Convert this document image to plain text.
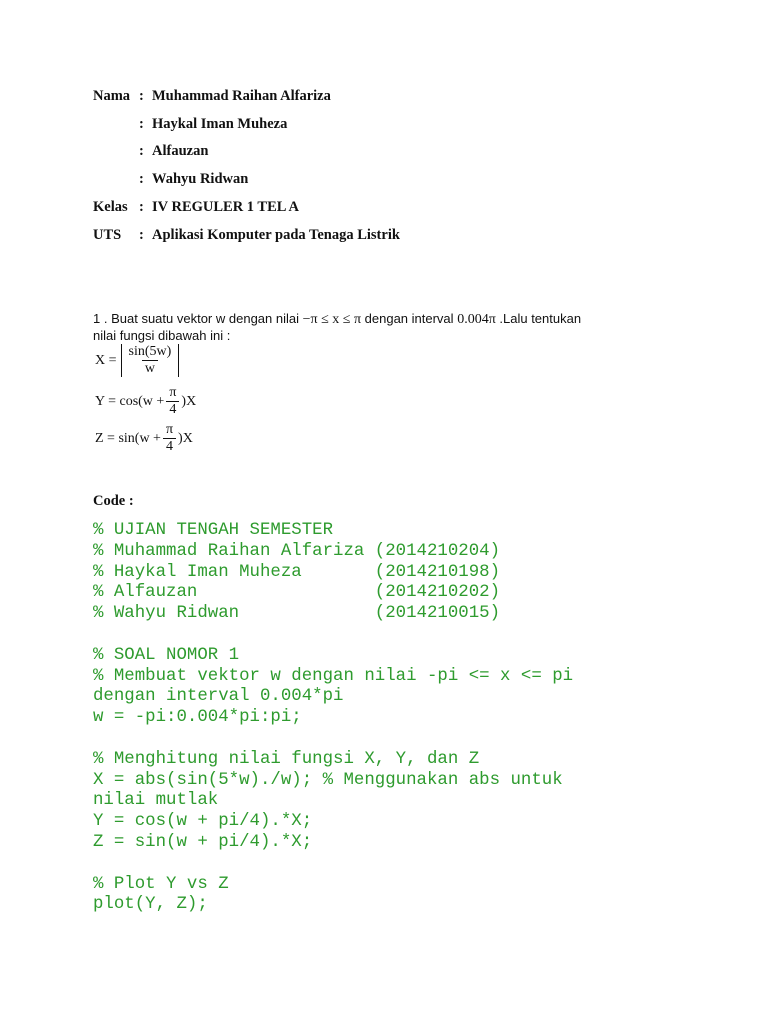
Nama : Muhammad Raihan Alfariza
: Haykal Iman Muheza
: Alfauzan
: Wahyu Ridwan
Kelas : IV REGULER 1 TEL A
UTS	: Aplikasi Komputer pada Tenaga Listrik
1 . Buat suatu vektor w dengan nilai −π ≤ x ≤ π dengan interval 0.004π .Lalu tentukan
nilai fungsi dibawah ini :
$X = \frac{\sin(5w)}{w}$
$Y = \cos(w + \frac{\pi}{4} )X$
$Z = \sin(w + \frac{\pi}{4} )X$
Code :
% UJIAN TENGAH SEMESTER
% Muhammad Raihan Alfariza (2014210204)
% Haykal Iman Muheza       (2014210198)
% Alfauzan                 (2014210202)
% Wahyu Ridwan             (2014210015)

% SOAL NOMOR 1
% Membuat vektor w dengan nilai -pi <= x <= pi
dengan interval 0.004*pi
w = -pi:0.004*pi:pi;

% Menghitung nilai fungsi X, Y, dan Z
X = abs(sin(5*w)./w); % Menggunakan abs untuk
nilai mutlak
Y = cos(w + pi/4).*X;
Z = sin(w + pi/4).*X;

% Plot Y vs Z
plot(Y, Z);
